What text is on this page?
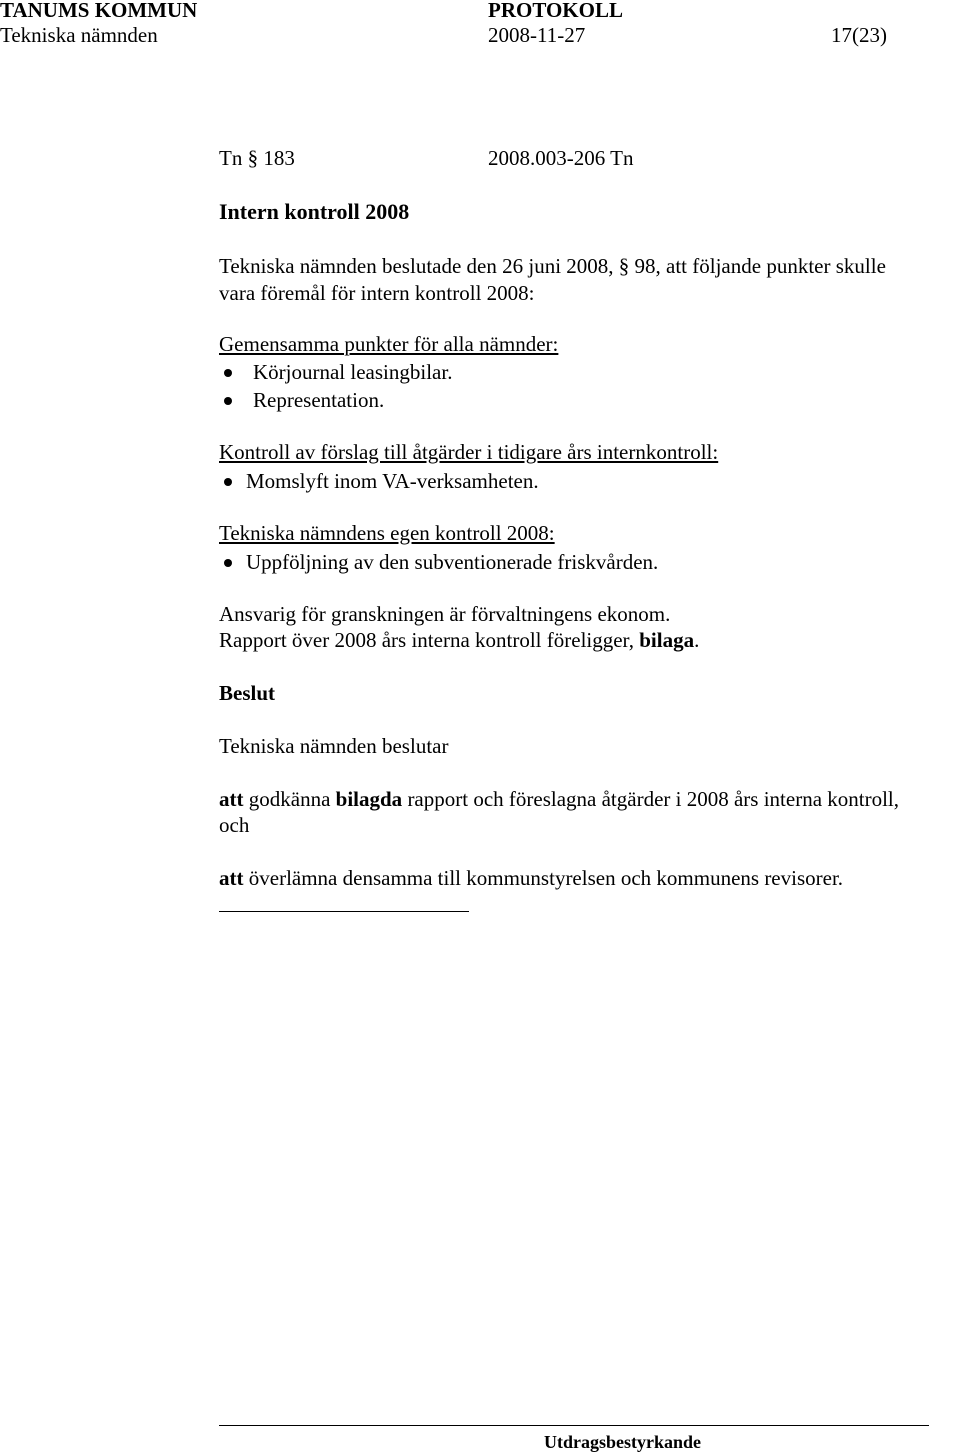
TANUMS KOMMUN	PROTOKOLL
Tekniska nämnden	2008-11-27	17(23)
Tn § 183	2008.003-206 Tn
Intern kontroll 2008
Tekniska nämnden beslutade den 26 juni 2008, § 98, att följande punkter skulle
vara föremål för intern kontroll 2008:
Gemensamma punkter för alla nämnder:
Körjournal leasingbilar.
Representation.
Kontroll av förslag till åtgärder i tidigare års internkontroll:
Momslyft inom VA-verksamheten.
Tekniska nämndens egen kontroll 2008:
Uppföljning av den subventionerade friskvården.
Ansvarig för granskningen är förvaltningens ekonom.
Rapport över 2008 års interna kontroll föreligger, bilaga.
Beslut
Tekniska nämnden beslutar
att godkänna bilagda rapport och föreslagna åtgärder i 2008 års interna kontroll,
och
att överlämna densamma till kommunstyrelsen och kommunens revisorer.
Utdragsbestyrkande
